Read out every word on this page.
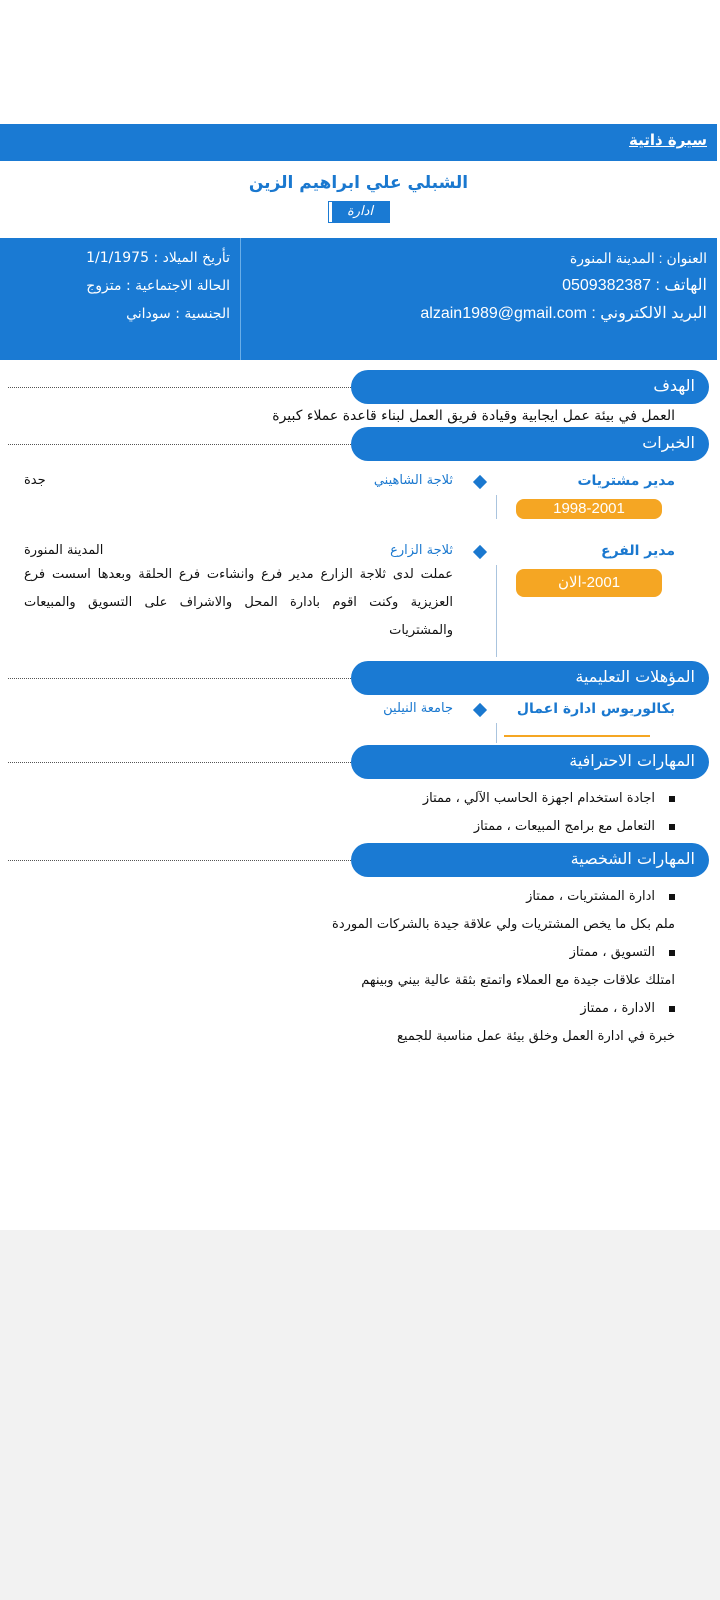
سيرة ذاتية
الشبلي علي ابراهيم الزين
ادارة
العنوان : المدينة المنورة
الهاتف : 0509382387
البريد الالكتروني : alzain1989@gmail.com
تأريخ الميلاد : 1/1/1975
الحالة الاجتماعية : متزوج
الجنسية : سوداني
الهدف
العمل في بيئة عمل ايجابية وقيادة فريق العمل لبناء قاعدة عملاء كبيرة
الخبرات
مدير مشتريات
ثلاجة الشاهيني
جدة
1998-2001
مدير الفرع
ثلاجة الزارع
المدينة المنورة
2001-الان
عملت لدى ثلاجة الزارع مدير فرع وانشاءت فرع الحلقة وبعدها اسست فرع العزيزية وكنت اقوم بادارة المحل والاشراف على التسويق والمبيعات والمشتريات
المؤهلات التعليمية
بكالوريوس ادارة اعمال
جامعة النيلين
المهارات الاحترافية
اجادة استخدام اجهزة الحاسب الآلي ، ممتاز
التعامل مع برامج المبيعات ، ممتاز
المهارات الشخصية
ادارة المشتريات ، ممتاز
ملم بكل ما يخص المشتريات ولي علاقة جيدة بالشركات الموردة
التسويق ، ممتاز
امتلك علاقات جيدة مع العملاء واتمتع بثقة عالية بيني وبينهم
الادارة ، ممتاز
خبرة في ادارة العمل وخلق بيئة عمل مناسبة للجميع
